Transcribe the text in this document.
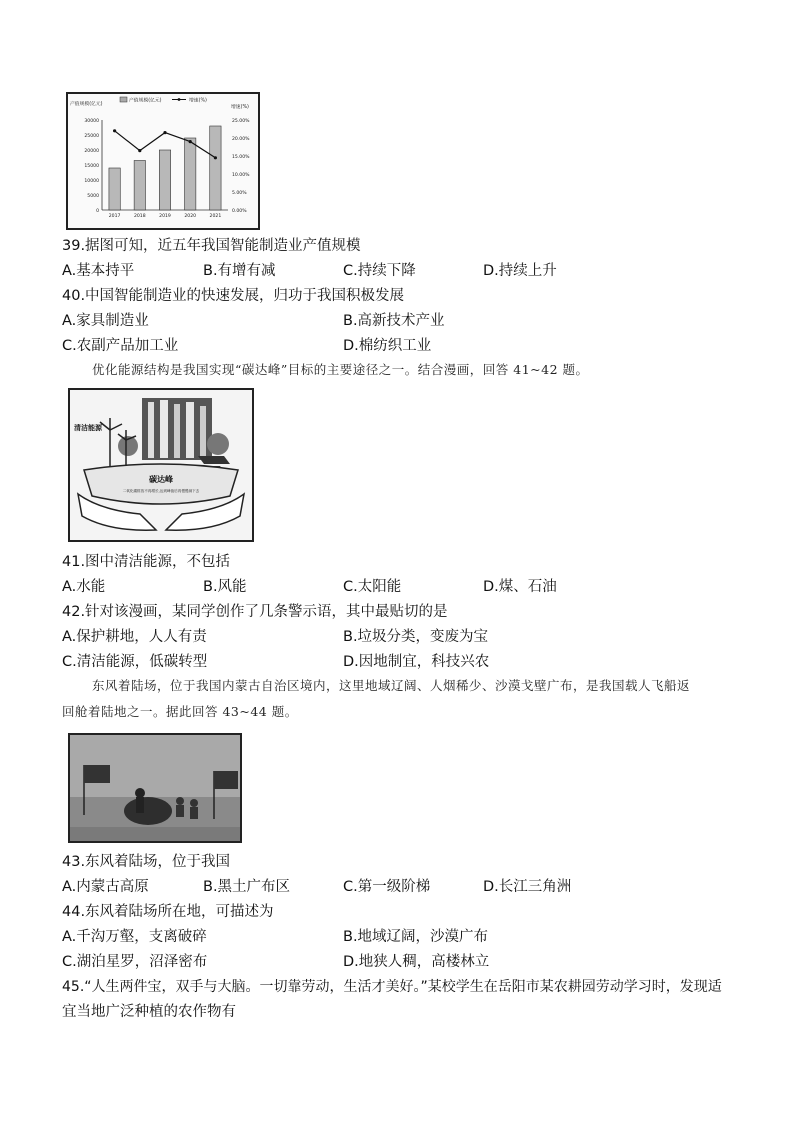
30000
25000
20000
15000
10000
5000
0
25.00%
20.00%
15.00%
10.00%
5.00%
0.00%
产值规模(亿元)
增速(%)
产值规模(亿元)	增速(%)
2017	2018	2019	2020	2021
39.据图可知，近五年我国智能制造业产值规模
A.基本持平	B.有增有减	C.持续下降	D.持续上升
40.中国智能制造业的快速发展，归功于我国积极发展
A.家具制造业	B.高新技术产业
C.农副产品加工业	D.棉纺织工业
优化能源结构是我国实现“碳达峰”目标的主要途径之一。结合漫画，回答 41~42 题。
碳达峰
二氧化碳排放不再增长,达到峰值后再慢慢减下去
清洁能源
41.图中清洁能源，不包括
A.水能	B.风能	C.太阳能	D.煤、石油
42.针对该漫画，某同学创作了几条警示语，其中最贴切的是
A.保护耕地，人人有责	B.垃圾分类，变废为宝
C.清洁能源，低碳转型	D.因地制宜，科技兴农
东风着陆场，位于我国内蒙古自治区境内，这里地域辽阔、人烟稀少、沙漠戈壁广布，是我国载人飞船返
回舱着陆地之一。据此回答 43~44 题。
43.东风着陆场，位于我国
A.内蒙古高原	B.黑土广布区	C.第一级阶梯	D.长江三角洲
44.东风着陆场所在地，可描述为
A.千沟万壑，支离破碎	B.地域辽阔，沙漠广布
C.湖泊星罗，沼泽密布	D.地狭人稠，高楼林立
45.“人生两件宝，双手与大脑。一切靠劳动，生活才美好。”某校学生在岳阳市某农耕园劳动学习时，发现适
宜当地广泛种植的农作物有
